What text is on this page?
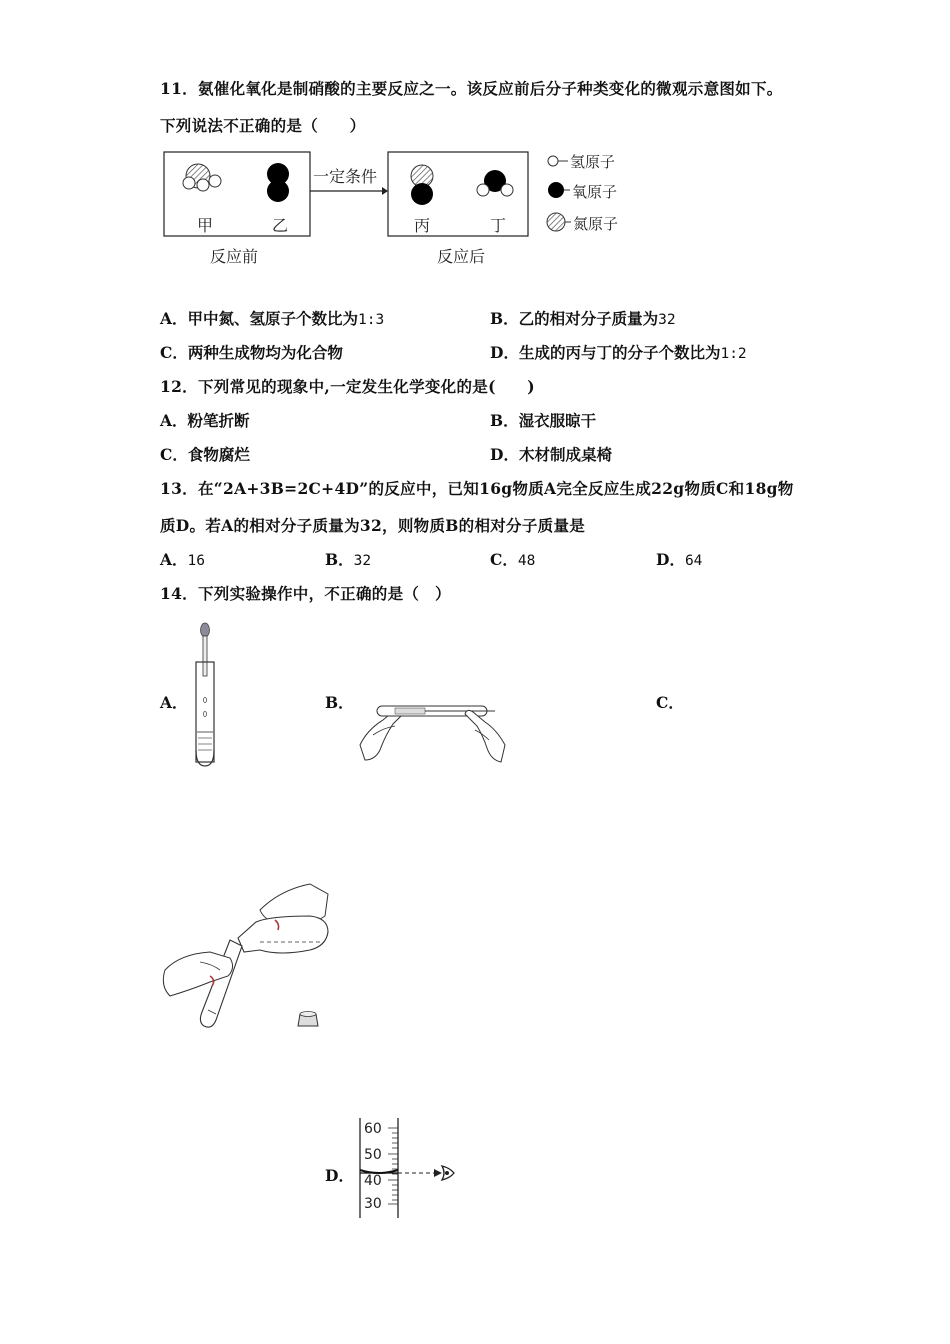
11．氨催化氧化是制硝酸的主要反应之一。该反应前后分子种类变化的微观示意图如下。
下列说法不正确的是（　　）
甲	乙	丙	丁
一定条件
反应前	反应后
氢原子
氧原子
氮原子
A．甲中氮、氢原子个数比为1:3	B．乙的相对分子质量为32
C．两种生成物均为化合物	D．生成的丙与丁的分子个数比为1:2
12．下列常见的现象中,一定发生化学变化的是(　　)
A．粉笔折断	B．湿衣服晾干
C．食物腐烂	D．木材制成桌椅
13．在“2A+3B=2C+4D”的反应中，已知16g物质A完全反应生成22g物质C和18g物
质D。若A的相对分子质量为32，则物质B的相对分子质量是
A．16	B．32	C．48	D．64
14．下列实验操作中，不正确的是（　）
A．	B．	C．
D．
60
50
40
30
